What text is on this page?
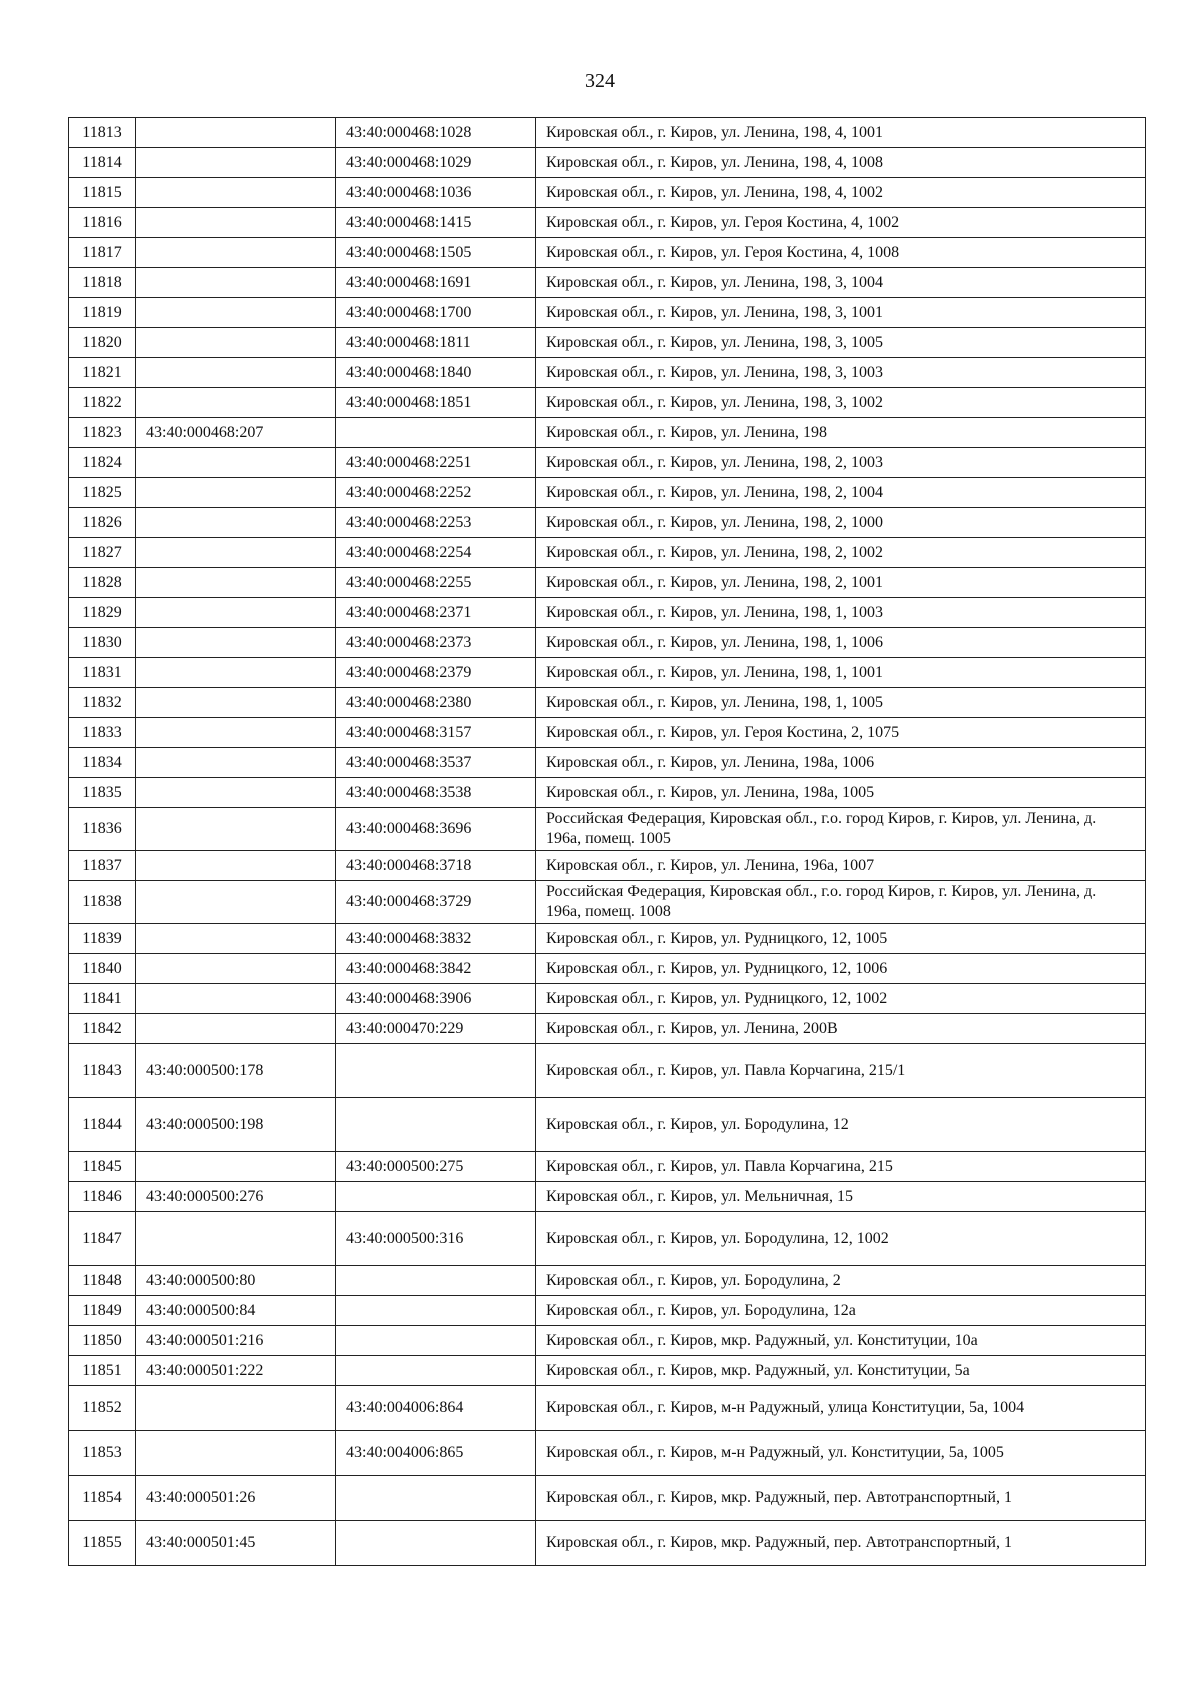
324
11813		43:40:000468:1028	Кировская обл., г. Киров, ул. Ленина, 198, 4, 1001
11814		43:40:000468:1029	Кировская обл., г. Киров, ул. Ленина, 198, 4, 1008
11815		43:40:000468:1036	Кировская обл., г. Киров, ул. Ленина, 198, 4, 1002
11816		43:40:000468:1415	Кировская обл., г. Киров, ул. Героя Костина, 4, 1002
11817		43:40:000468:1505	Кировская обл., г. Киров, ул. Героя Костина, 4, 1008
11818		43:40:000468:1691	Кировская обл., г. Киров, ул. Ленина, 198, 3, 1004
11819		43:40:000468:1700	Кировская обл., г. Киров, ул. Ленина, 198, 3, 1001
11820		43:40:000468:1811	Кировская обл., г. Киров, ул. Ленина, 198, 3, 1005
11821		43:40:000468:1840	Кировская обл., г. Киров, ул. Ленина, 198, 3, 1003
11822		43:40:000468:1851	Кировская обл., г. Киров, ул. Ленина, 198, 3, 1002
11823	43:40:000468:207		Кировская обл., г. Киров, ул. Ленина, 198
11824		43:40:000468:2251	Кировская обл., г. Киров, ул. Ленина, 198, 2, 1003
11825		43:40:000468:2252	Кировская обл., г. Киров, ул. Ленина, 198, 2, 1004
11826		43:40:000468:2253	Кировская обл., г. Киров, ул. Ленина, 198, 2, 1000
11827		43:40:000468:2254	Кировская обл., г. Киров, ул. Ленина, 198, 2, 1002
11828		43:40:000468:2255	Кировская обл., г. Киров, ул. Ленина, 198, 2, 1001
11829		43:40:000468:2371	Кировская обл., г. Киров, ул. Ленина, 198, 1, 1003
11830		43:40:000468:2373	Кировская обл., г. Киров, ул. Ленина, 198, 1, 1006
11831		43:40:000468:2379	Кировская обл., г. Киров, ул. Ленина, 198, 1, 1001
11832		43:40:000468:2380	Кировская обл., г. Киров, ул. Ленина, 198, 1, 1005
11833		43:40:000468:3157	Кировская обл., г. Киров, ул. Героя Костина, 2, 1075
11834		43:40:000468:3537	Кировская обл., г. Киров, ул. Ленина, 198а, 1006
11835		43:40:000468:3538	Кировская обл., г. Киров, ул. Ленина, 198а, 1005
11836		43:40:000468:3696	Российская Федерация, Кировская обл., г.о. город Киров, г. Киров, ул. Ленина, д. 196а, помещ. 1005
11837		43:40:000468:3718	Кировская обл., г. Киров, ул. Ленина, 196а, 1007
11838		43:40:000468:3729	Российская Федерация, Кировская обл., г.о. город Киров, г. Киров, ул. Ленина, д. 196а, помещ. 1008
11839		43:40:000468:3832	Кировская обл., г. Киров, ул. Рудницкого, 12, 1005
11840		43:40:000468:3842	Кировская обл., г. Киров, ул. Рудницкого, 12, 1006
11841		43:40:000468:3906	Кировская обл., г. Киров, ул. Рудницкого, 12, 1002
11842		43:40:000470:229	Кировская обл., г. Киров, ул. Ленина, 200В
11843	43:40:000500:178		Кировская обл., г. Киров, ул. Павла Корчагина, 215/1
11844	43:40:000500:198		Кировская обл., г. Киров, ул. Бородулина, 12
11845		43:40:000500:275	Кировская обл., г. Киров, ул. Павла Корчагина, 215
11846	43:40:000500:276		Кировская обл., г. Киров, ул. Мельничная, 15
11847		43:40:000500:316	Кировская обл., г. Киров, ул. Бородулина, 12, 1002
11848	43:40:000500:80		Кировская обл., г. Киров, ул. Бородулина, 2
11849	43:40:000500:84		Кировская обл., г. Киров, ул. Бородулина, 12а
11850	43:40:000501:216		Кировская обл., г. Киров, мкр. Радужный, ул. Конституции, 10а
11851	43:40:000501:222		Кировская обл., г. Киров, мкр. Радужный, ул. Конституции, 5а
11852		43:40:004006:864	Кировская обл., г. Киров, м-н Радужный, улица Конституции, 5а, 1004
11853		43:40:004006:865	Кировская обл., г. Киров, м-н Радужный, ул. Конституции, 5а, 1005
11854	43:40:000501:26		Кировская обл., г. Киров, мкр. Радужный, пер. Автотранспортный, 1
11855	43:40:000501:45		Кировская обл., г. Киров, мкр. Радужный, пер. Автотранспортный, 1
